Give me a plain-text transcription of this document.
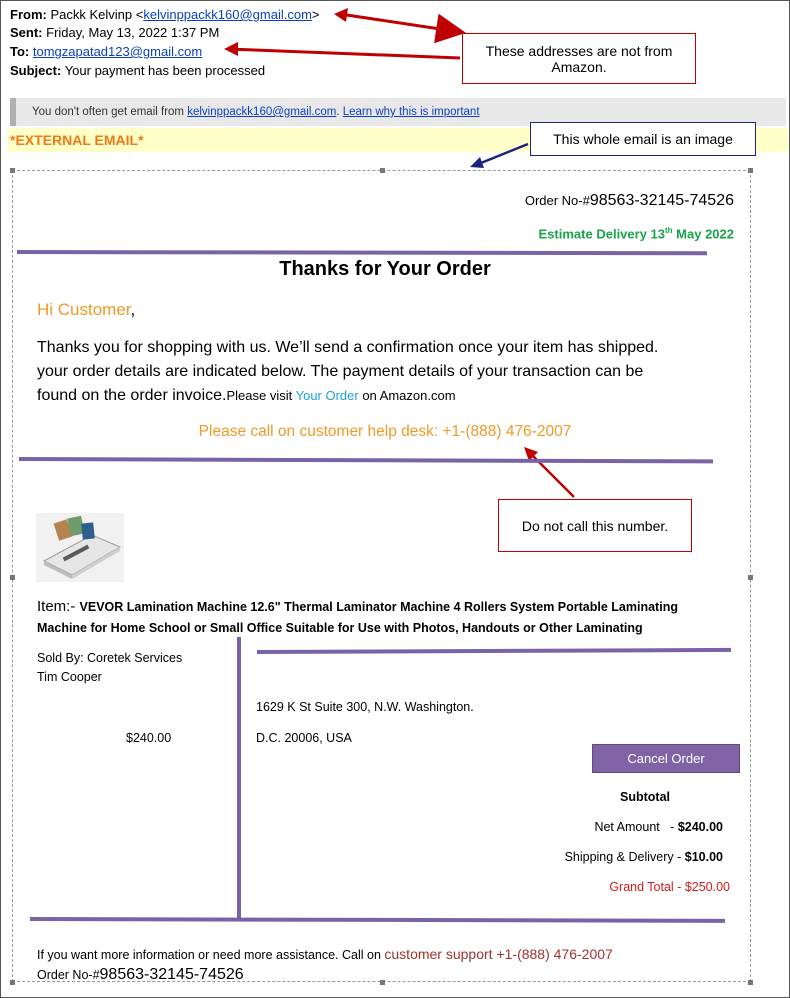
From: Packk Kelvinp <kelvinppackk160@gmail.com>
Sent: Friday, May 13, 2022 1:37 PM
To: tomgzapatad123@gmail.com
Subject: Your payment has been processed
You don't often get email from kelvinppackk160@gmail.com. Learn why this is important
*EXTERNAL EMAIL*
These addresses are not from Amazon.
This whole email is an image
Do not call this number.
Order No-#98563-32145-74526
Estimate Delivery 13th May 2022
Thanks for Your Order
Hi Customer,
Thanks you for shopping with us. We’ll send a confirmation once your item has shipped.
your order details are indicated below. The payment details of your transaction can be
found on the order invoice.Please visit Your Order on Amazon.com
Please call on customer help desk: +1-(888) 476-2007
Item:- VEVOR Lamination Machine 12.6" Thermal Laminator Machine 4 Rollers System Portable Laminating
Machine for Home School or Small Office Suitable for Use with Photos, Handouts or Other Laminating
Sold By: Coretek Services
Tim Cooper
1629 K St Suite 300, N.W. Washington.
D.C. 20006, USA
$240.00
Cancel Order
Subtotal
Net Amount   - $240.00
Shipping & Delivery - $10.00
Grand Total - $250.00
If you want more information or need more assistance. Call on customer support +1-(888) 476-2007
Order No-#98563-32145-74526
